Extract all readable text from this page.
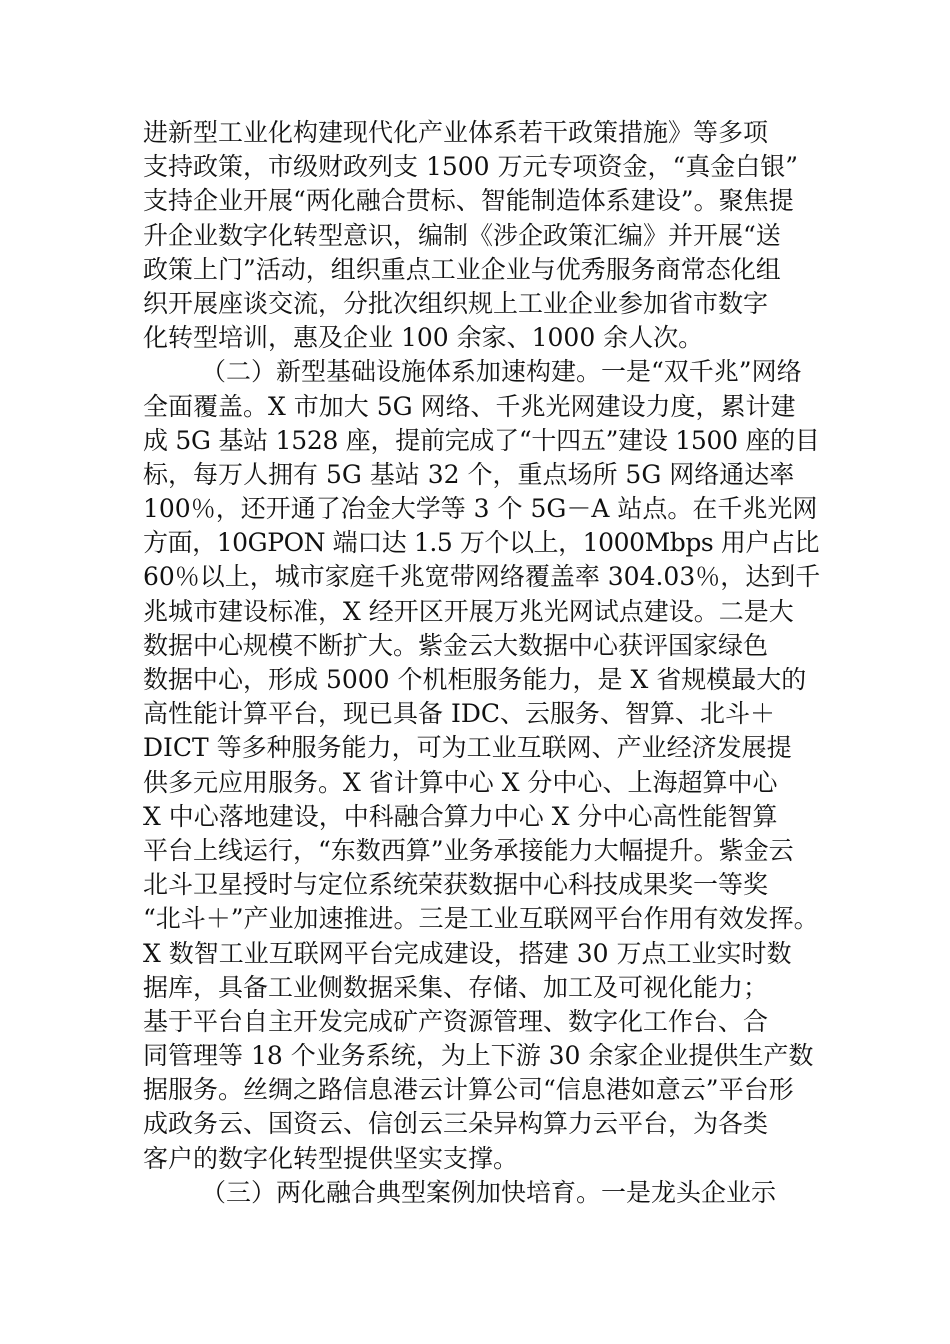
进新型工业化构建现代化产业体系若干政策措施》等多项
支持政策，市级财政列支 1500 万元专项资金，“真金白银”
支持企业开展“两化融合贯标、智能制造体系建设”。聚焦提
升企业数字化转型意识，编制《涉企政策汇编》并开展“送
政策上门”活动，组织重点工业企业与优秀服务商常态化组
织开展座谈交流，分批次组织规上工业企业参加省市数字
化转型培训，惠及企业 100 余家、1000 余人次。
（二）新型基础设施体系加速构建。一是“双千兆”网络
全面覆盖。X 市加大 5G 网络、千兆光网建设力度，累计建
成 5G 基站 1528 座，提前完成了“十四五”建设 1500 座的目
标，每万人拥有 5G 基站 32 个，重点场所 5G 网络通达率
100％，还开通了冶金大学等 3 个 5G－A 站点。在千兆光网
方面，10GPON 端口达 1.5 万个以上，1000Mbps 用户占比
60％以上，城市家庭千兆宽带网络覆盖率 304.03％，达到千
兆城市建设标准，X 经开区开展万兆光网试点建设。二是大
数据中心规模不断扩大。紫金云大数据中心获评国家绿色
数据中心，形成 5000 个机柜服务能力，是 X 省规模最大的
高性能计算平台，现已具备 IDC、云服务、智算、北斗＋
DICT 等多种服务能力，可为工业互联网、产业经济发展提
供多元应用服务。X 省计算中心 X 分中心、上海超算中心
X 中心落地建设，中科融合算力中心 X 分中心高性能智算
平台上线运行，“东数西算”业务承接能力大幅提升。紫金云
北斗卫星授时与定位系统荣获数据中心科技成果奖一等奖
“北斗＋”产业加速推进。三是工业互联网平台作用有效发挥。
X 数智工业互联网平台完成建设，搭建 30 万点工业实时数
据库，具备工业侧数据采集、存储、加工及可视化能力；
基于平台自主开发完成矿产资源管理、数字化工作台、合
同管理等 18 个业务系统，为上下游 30 余家企业提供生产数
据服务。丝绸之路信息港云计算公司“信息港如意云”平台形
成政务云、国资云、信创云三朵异构算力云平台，为各类
客户的数字化转型提供坚实支撑。
（三）两化融合典型案例加快培育。一是龙头企业示
